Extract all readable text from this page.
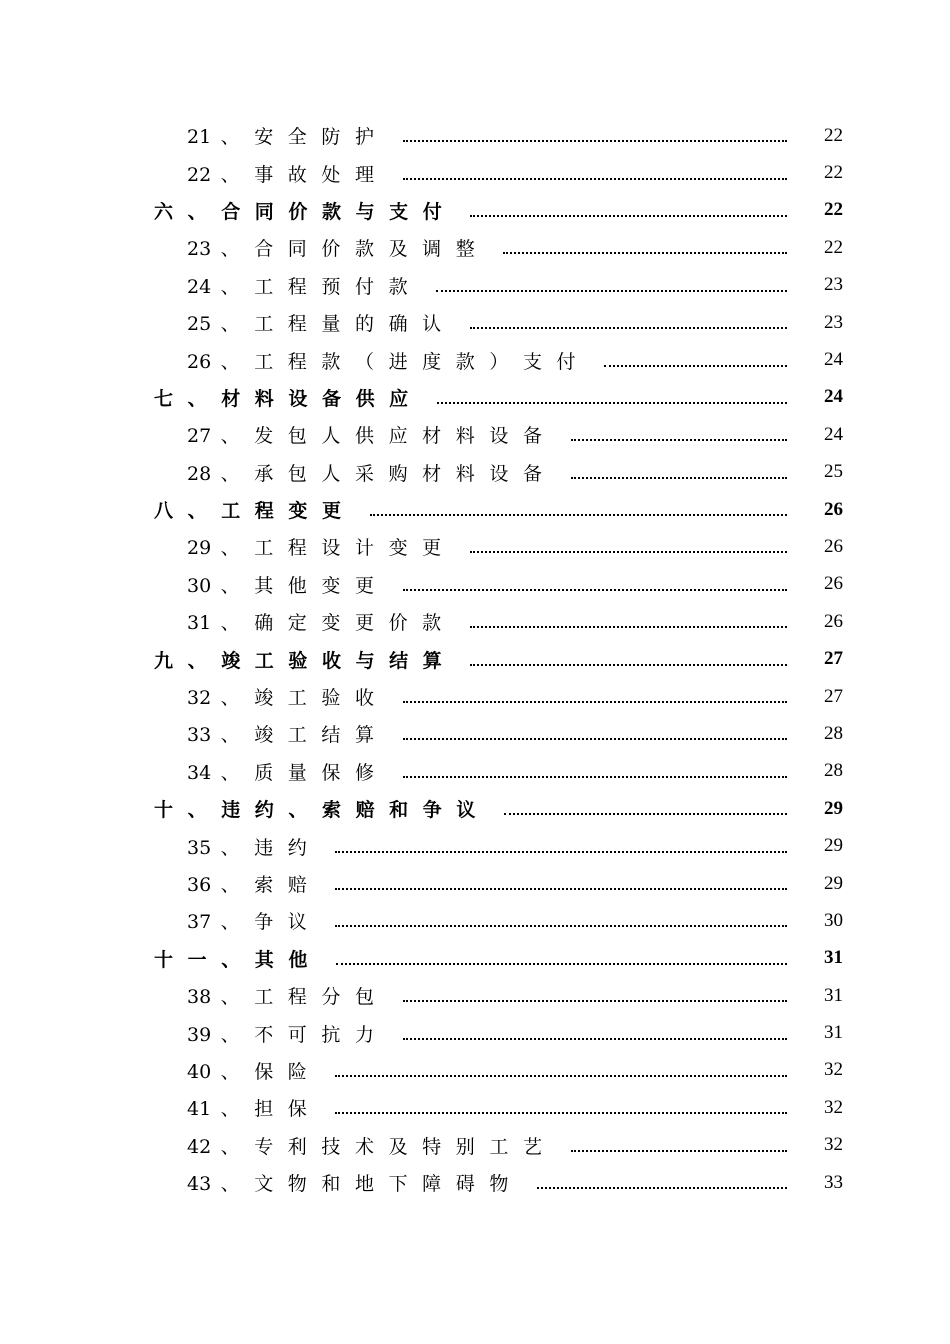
21 、 安 全 防 护	22
22 、 事 故 处 理	22
六 、 合 同 价 款 与 支 付	22
23 、 合 同 价 款 及 调 整	22
24 、 工 程 预 付 款	23
25 、 工 程 量 的 确 认	23
26 、 工 程 款 （ 进 度 款 ） 支 付	24
七 、 材 料 设 备 供 应	24
27 、 发 包 人 供 应 材 料 设 备	24
28 、 承 包 人 采 购 材 料 设 备	25
八 、 工 程 变 更	26
29 、 工 程 设 计 变 更	26
30 、 其 他 变 更	26
31 、 确 定 变 更 价 款	26
九 、 竣 工 验 收 与 结 算	27
32 、 竣 工 验 收	27
33 、 竣 工 结 算	28
34 、 质 量 保 修	28
十 、 违 约 、 索 赔 和 争 议	29
35 、 违 约	29
36 、 索 赔	29
37 、 争 议	30
十 一 、 其 他	31
38 、 工 程 分 包	31
39 、 不 可 抗 力	31
40 、 保 险	32
41 、 担 保	32
42 、 专 利 技 术 及 特 别 工 艺	32
43 、 文 物 和 地 下 障 碍 物	33
